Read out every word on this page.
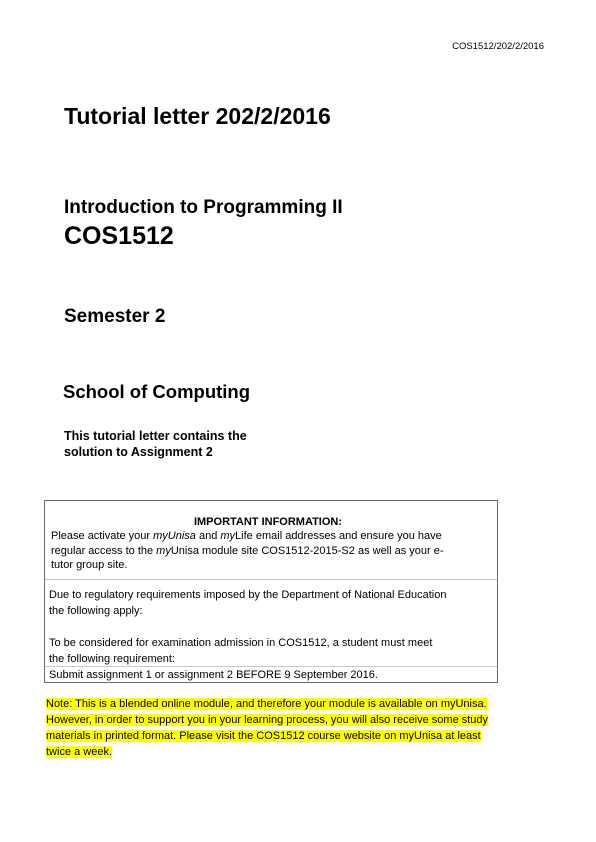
COS1512/202/2/2016
Tutorial letter 202/2/2016
Introduction to Programming II
COS1512
Semester 2
School of Computing
This tutorial letter contains the
solution to Assignment 2
IMPORTANT INFORMATION:
Please activate your myUnisa and myLife email addresses and ensure you have
regular access to the myUnisa module site COS1512-2015-S2 as well as your e-
tutor group site.
Due to regulatory requirements imposed by the Department of National Education
the following apply:
To be considered for examination admission in COS1512, a student must meet
the following requirement:
Submit assignment 1 or assignment 2 BEFORE 9 September 2016.
Note: This is a blended online module, and therefore your module is available on myUnisa.
However, in order to support you in your learning process, you will also receive some study
materials in printed format. Please visit the COS1512 course website on myUnisa at least
twice a week.
